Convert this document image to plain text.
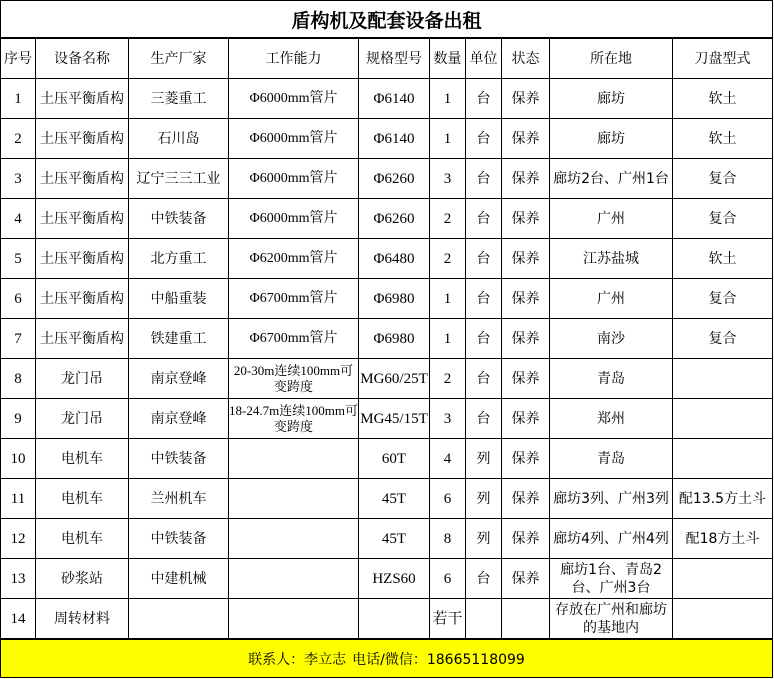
盾构机及配套设备出租
序号	设备名称	生产厂家	工作能力	规格型号	数量	单位	状态	所在地	刀盘型式
1	土压平衡盾构	三菱重工	Φ6000mm管片	Φ6140	1	台	保养	廊坊	软土
2	土压平衡盾构	石川岛	Φ6000mm管片	Φ6140	1	台	保养	廊坊	软土
3	土压平衡盾构	辽宁三三工业	Φ6000mm管片	Φ6260	3	台	保养	廊坊2台、广州1台	复合
4	土压平衡盾构	中铁装备	Φ6000mm管片	Φ6260	2	台	保养	广州	复合
5	土压平衡盾构	北方重工	Φ6200mm管片	Φ6480	2	台	保养	江苏盐城	软土
6	土压平衡盾构	中船重装	Φ6700mm管片	Φ6980	1	台	保养	广州	复合
7	土压平衡盾构	铁建重工	Φ6700mm管片	Φ6980	1	台	保养	南沙	复合
8	龙门吊	南京登峰	20-30m连续100mm可变跨度	MG60/25T	2	台	保养	青岛	
9	龙门吊	南京登峰	18-24.7m连续100mm可变跨度	MG45/15T	3	台	保养	郑州	
10	电机车	中铁装备		60T	4	列	保养	青岛	
11	电机车	兰州机车		45T	6	列	保养	廊坊3列、广州3列	配13.5方土斗
12	电机车	中铁装备		45T	8	列	保养	廊坊4列、广州4列	配18方土斗
13	砂浆站	中建机械		HZS60	6	台	保养	廊坊1台、青岛2台、广州3台	
14	周转材料				若干			存放在广州和廊坊的基地内	
联系人：李立志 电话/微信：18665118099
